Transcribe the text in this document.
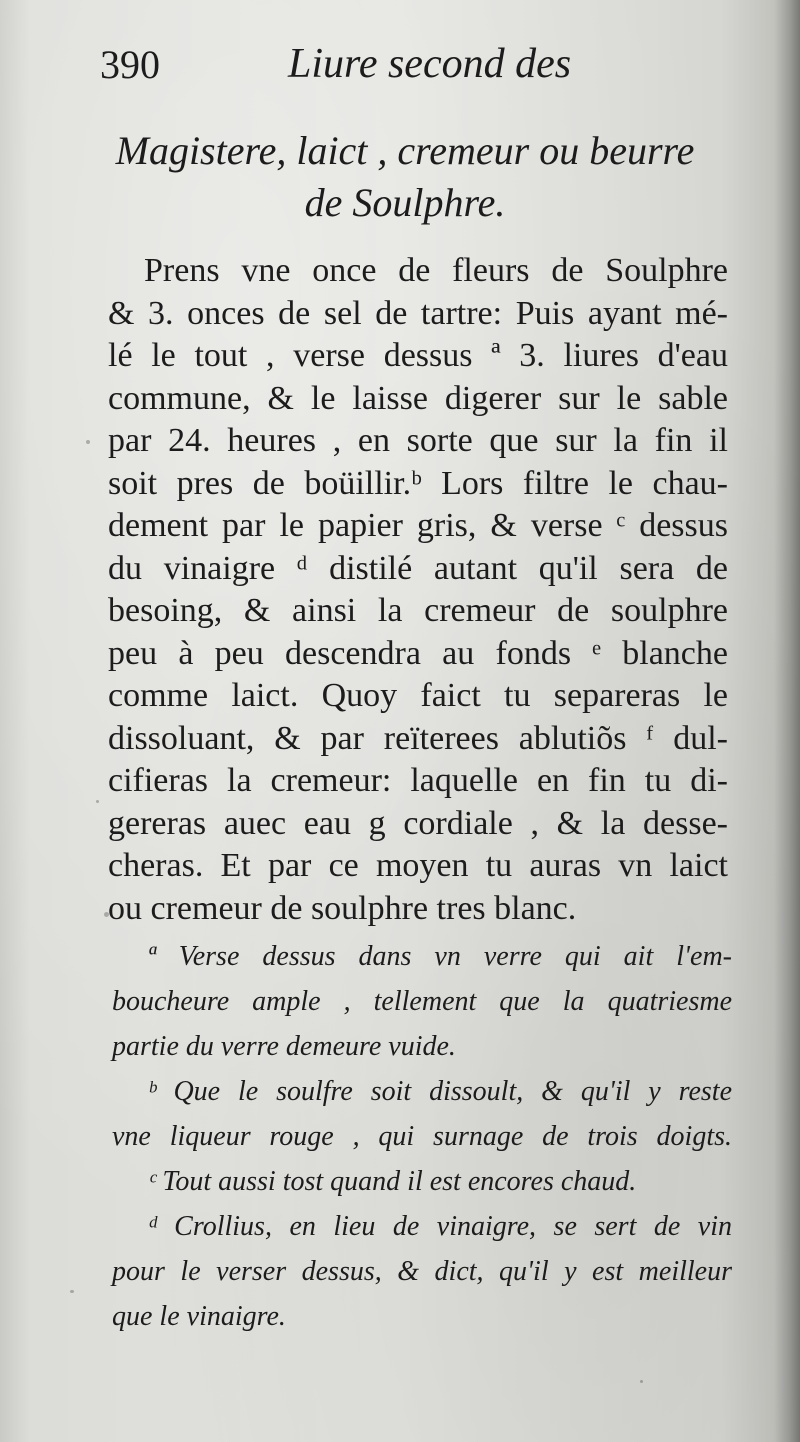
390	Liure second des
Magistere, laict , cremeur ou beurre
de Soulphre.
Prens vne once de fleurs de Soulphre
& 3. onces de sel de tartre: Puis ayant mé-
lé le tout , verse dessus ª 3. liures d'eau
commune, & le laisse digerer sur le sable
par 24. heures , en sorte que sur la fin il
soit pres de boüillir.ᵇ Lors filtre le chau-
dement par le papier gris, & verse ᶜ dessus
du vinaigre ᵈ distilé autant qu'il sera de
besoing, & ainsi la cremeur de soulphre
peu à peu descendra au fonds ᵉ blanche
comme laict. Quoy faict tu separeras le
dissoluant, & par reïterees ablutiõs ᶠ dul-
cifieras la cremeur: laquelle en fin tu di-
gereras auec eau g cordiale , & la desse-
cheras. Et par ce moyen tu auras vn laict
ou cremeur de soulphre tres blanc.
ª Verse dessus dans vn verre qui ait l'em-
boucheure ample , tellement que la quatriesme
partie du verre demeure vuide.
ᵇ Que le soulfre soit dissoult, & qu'il y reste
vne liqueur rouge , qui surnage de trois doigts.
ᶜ Tout aussi tost quand il est encores chaud.
ᵈ Crollius, en lieu de vinaigre, se sert de vin
pour le verser dessus, & dict, qu'il y est meilleur
que le vinaigre.
